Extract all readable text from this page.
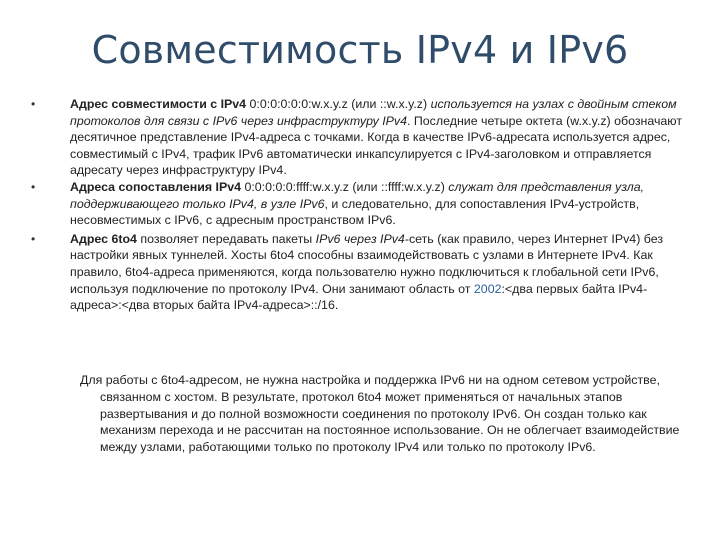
Совместимость IPv4 и IPv6

•	Адрес совместимости с IPv4 0:0:0:0:0:0:w.x.y.z (или ::w.x.y.z) используется на узлах с двойным стеком протоколов для связи с IPv6 через инфраструктуру IPv4. Последние четыре октета (w.x.y.z) обозначают десятичное представление IPv4-адреса с точками. Когда в качестве IPv6-адресата используется адрес, совместимый с IPv4, трафик IPv6 автоматически инкапсулируется с IPv4-заголовком и отправляется адресату через инфраструктуру IPv4.

•	Адреса сопоставления IPv4 0:0:0:0:0:ffff:w.x.y.z (или ::ffff:w.x.y.z) служат для представления узла, поддерживающего только IPv4, в узле IPv6, и следовательно, для сопоставления IPv4-устройств, несовместимых с IPv6, с адресным пространством IPv6.

•	Адрес 6to4 позволяет передавать пакеты IPv6 через IPv4-сеть (как правило, через Интернет IPv4) без настройки явных туннелей. Хосты 6to4 способны взаимодействовать с узлами в Интернете IPv4. Как правило, 6to4-адреса применяются, когда пользователю нужно подключиться к глобальной сети IPv6, используя подключение по протоколу IPv4. Они занимают область от 2002:<два первых байта IPv4-адреса>:<два вторых байта IPv4-адреса>::/16.

Для работы с 6to4-адресом, не нужна настройка и поддержка IPv6 ни на одном сетевом устройстве, связанном с хостом. В результате, протокол 6to4 может применяться от начальных этапов развертывания и до полной возможности соединения по протоколу IPv6. Он создан только как механизм перехода и не рассчитан на постоянное использование. Он не облегчает взаимодействие между узлами, работающими только по протоколу IPv4 или только по протоколу IPv6.
